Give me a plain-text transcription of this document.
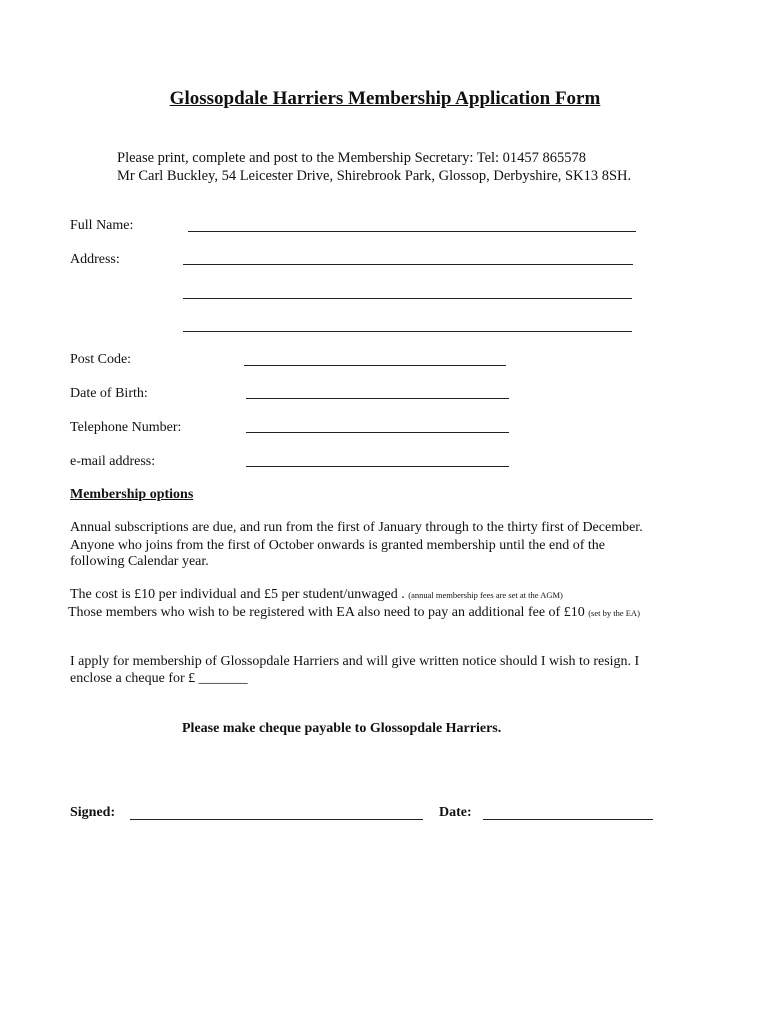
Glossopdale Harriers Membership Application Form
Please print, complete and post to the Membership Secretary: Tel: 01457 865578
Mr Carl Buckley, 54 Leicester Drive, Shirebrook Park, Glossop, Derbyshire, SK13 8SH.
Full Name:
Address:
Post Code:
Date of Birth:
Telephone Number:
e-mail address:
Membership options
Annual subscriptions are due, and run from the first of January through to the thirty first of December.
Anyone who joins from the first of October onwards is granted membership until the end of the
following Calendar year.
The cost is £10 per individual and £5 per student/unwaged . (annual membership fees are set at the AGM)
Those members who wish to be registered with EA also need to pay an additional fee of £10 (set by the EA)
I apply for membership of Glossopdale Harriers and will give written notice should I wish to resign. I
enclose a cheque for £ _______
Please make cheque payable to Glossopdale Harriers.
Signed:	Date:
